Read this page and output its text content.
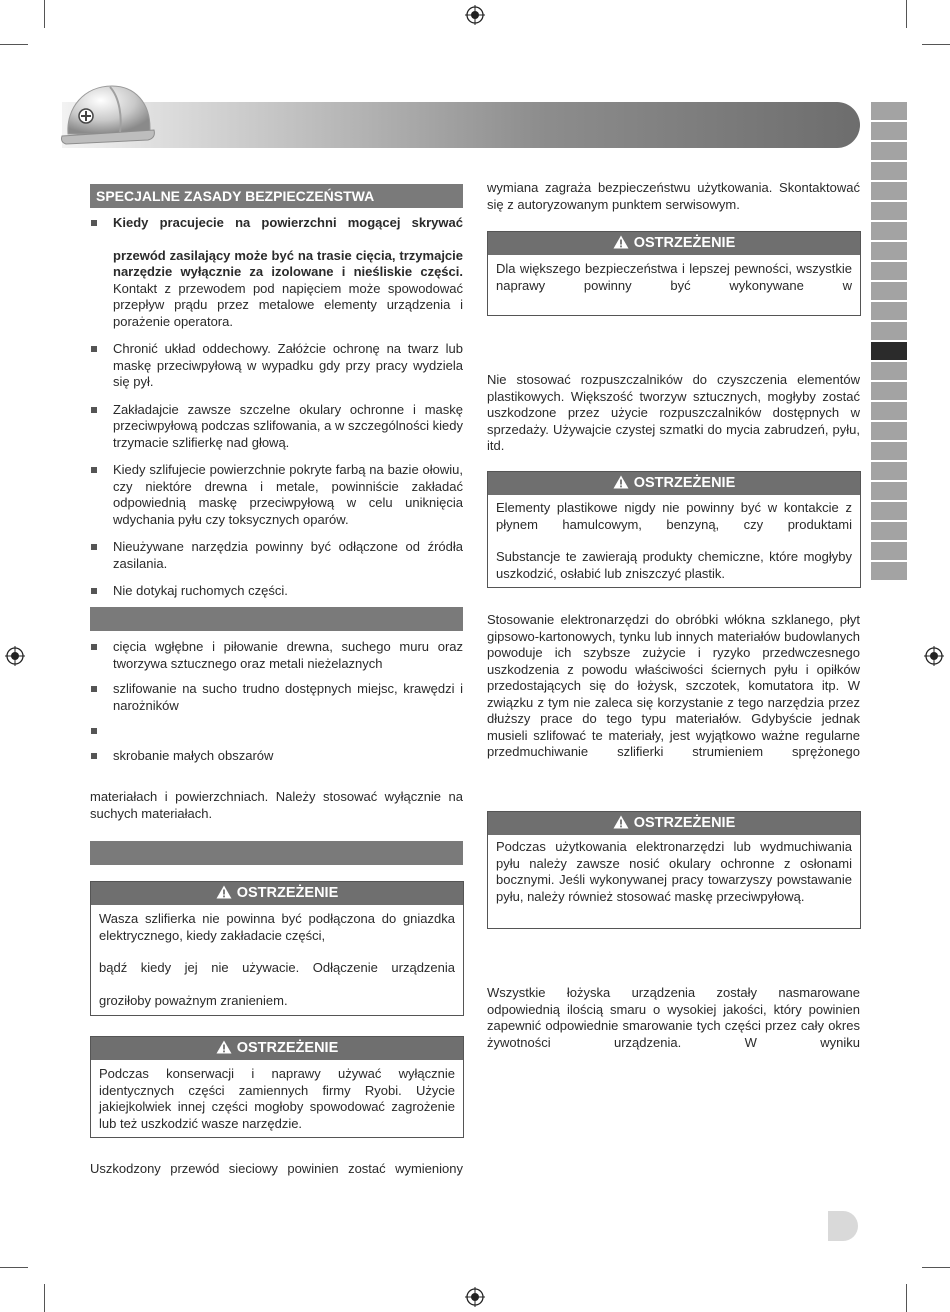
SPECJALNE ZASADY BEZPIECZEŃSTWA
Kiedy pracujecie na powierzchni mogącej skrywać
przewód zasilający może być na trasie cięcia, trzymajcie narzędzie wyłącznie za izolowane i nieśliskie części. Kontakt z przewodem pod napięciem może spowodować przepływ prądu przez metalowe elementy urządzenia i porażenie operatora.
Chronić układ oddechowy. Załóżcie ochronę na twarz lub maskę przeciwpyłową w wypadku gdy przy pracy wydziela się pył.
Zakładajcie zawsze szczelne okulary ochronne i maskę przeciwpyłową podczas szlifowania, a w szczególności kiedy trzymacie szlifierkę nad głową.
Kiedy szlifujecie powierzchnie pokryte farbą na bazie ołowiu, czy niektóre drewna i metale, powinniście zakładać odpowiednią maskę przeciwpyłową w celu uniknięcia wdychania pyłu czy toksycznych oparów.
Nieużywane narzędzia powinny być odłączone od źródła zasilania.
Nie dotykaj ruchomych części.
cięcia wgłębne i piłowanie drewna, suchego muru oraz tworzywa sztucznego oraz metali nieżelaznych
szlifowanie na sucho trudno dostępnych miejsc, krawędzi i narożników
skrobanie małych obszarów
materiałach i powierzchniach. Należy stosować wyłącznie na suchych materiałach.
OSTRZEŻENIE

Wasza szlifierka nie powinna być podłączona do gniazdka elektrycznego, kiedy zakładacie części,

bądź kiedy jej nie używacie. Odłączenie urządzenia

groziłoby poważnym zranieniem.

OSTRZEŻENIE

Podczas konserwacji i naprawy używać wyłącznie identycznych części zamiennych firmy Ryobi. Użycie jakiejkolwiek innej części mogłoby spowodować zagrożenie lub też uszkodzić wasze narzędzie.

Uszkodzony przewód sieciowy powinien zostać wymieniony
wymiana zagraża bezpieczeństwu użytkowania. Skontaktować się z autoryzowanym punktem serwisowym.
OSTRZEŻENIE

Dla większego bezpieczeństwa i lepszej pewności, wszystkie naprawy powinny być wykonywane w

Nie stosować rozpuszczalników do czyszczenia elementów plastikowych. Większość tworzyw sztucznych, mogłyby zostać uszkodzone przez użycie rozpuszczalników dostępnych w sprzedaży. Używajcie czystej szmatki do mycia zabrudzeń, pyłu, itd.
OSTRZEŻENIE

Elementy plastikowe nigdy nie powinny być w kontakcie z płynem hamulcowym, benzyną, czy produktami

Substancje te zawierają produkty chemiczne, które mogłyby uszkodzić, osłabić lub zniszczyć plastik.

Stosowanie elektronarzędzi do obróbki włókna szklanego, płyt gipsowo-kartonowych, tynku lub innych materiałów budowlanych powoduje ich szybsze zużycie i ryzyko przedwczesnego uszkodzenia z powodu właściwości ściernych pyłu i opiłków przedostających się do łożysk, szczotek, komutatora itp. W związku z tym nie zaleca się korzystanie z tego narzędzia przez dłuższy prace do tego typu materiałów. Gdybyście jednak musieli szlifować te materiały, jest wyjątkowo ważne regularne przedmuchiwanie szlifierki strumieniem sprężonego
OSTRZEŻENIE

Podczas użytkowania elektronarzędzi lub wydmuchiwania pyłu należy zawsze nosić okulary ochronne z osłonami bocznymi. Jeśli wykonywanej pracy towarzyszy powstawanie pyłu, należy również stosować maskę przeciwpyłową.

Wszystkie łożyska urządzenia zostały nasmarowane odpowiednią ilością smaru o wysokiej jakości, który powinien zapewnić odpowiednie smarowanie tych części przez cały okres żywotności urządzenia. W wyniku
